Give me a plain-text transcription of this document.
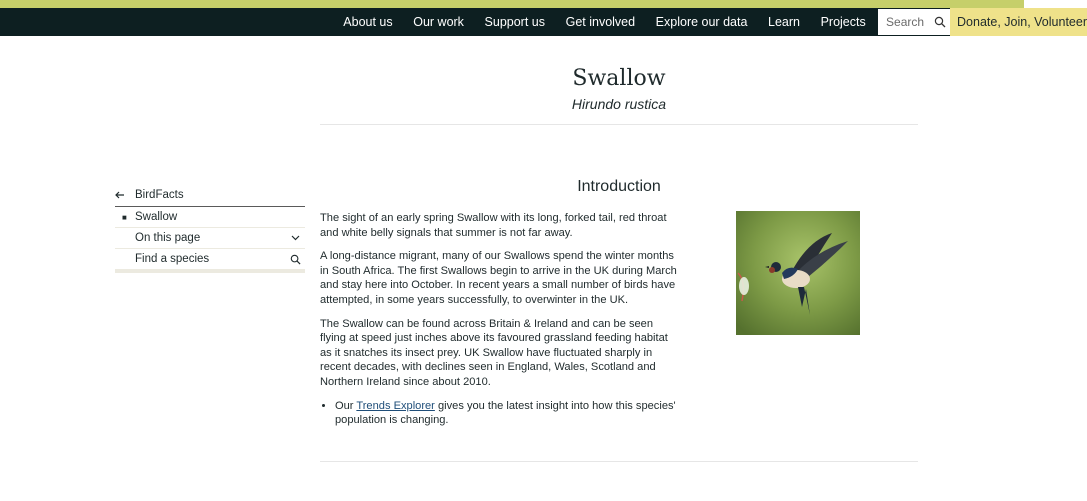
About us	Our work	Support us	Get involved	Explore our data	Learn	Projects
Search	Donate, Join, Volunteer
Swallow
Hirundo rustica
BirdFacts
■ Swallow
On this page
Find a species
Introduction

The sight of an early spring Swallow with its long, forked tail, red throat and white belly signals that summer is not far away.

A long-distance migrant, many of our Swallows spend the winter months in South Africa. The first Swallows begin to arrive in the UK during March and stay here into October. In recent years a small number of birds have attempted, in some years successfully, to overwinter in the UK.

The Swallow can be found across Britain & Ireland and can be seen flying at speed just inches above its favoured grassland feeding habitat as it snatches its insect prey. UK Swallow have fluctuated sharply in recent decades, with declines seen in England, Wales, Scotland and Northern Ireland since about 2010.

• Our Trends Explorer gives you the latest insight into how this species' population is changing.
